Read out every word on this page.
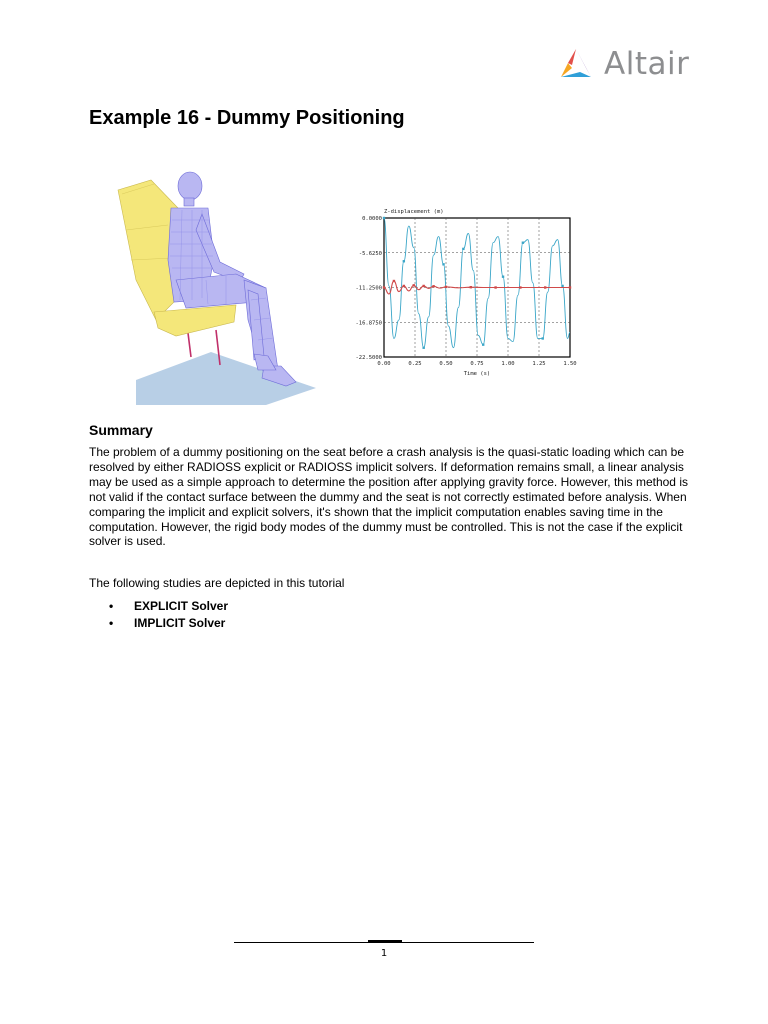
Altair
Example 16 - Dummy Positioning
Z-displacement (m)
0.0000
-5.6250
-11.2500
-16.8750
-22.5000
0.00	0.25	0.50	0.75	1.00	1.25	1.50
Time (s)
Summary

The problem of a dummy positioning on the seat before a crash analysis is the quasi-static loading which can be resolved by either RADIOSS explicit or RADIOSS implicit solvers. If deformation remains small, a linear analysis may be used as a simple approach to determine the position after applying gravity force. However, this method is not valid if the contact surface between the dummy and the seat is not correctly estimated before analysis. When comparing the implicit and explicit solvers, it's shown that the implicit computation enables saving time in the computation. However, the rigid body modes of the dummy must be controlled. This is not the case if the explicit solver is used.

The following studies are depicted in this tutorial

• EXPLICIT Solver
• IMPLICIT Solver
1
